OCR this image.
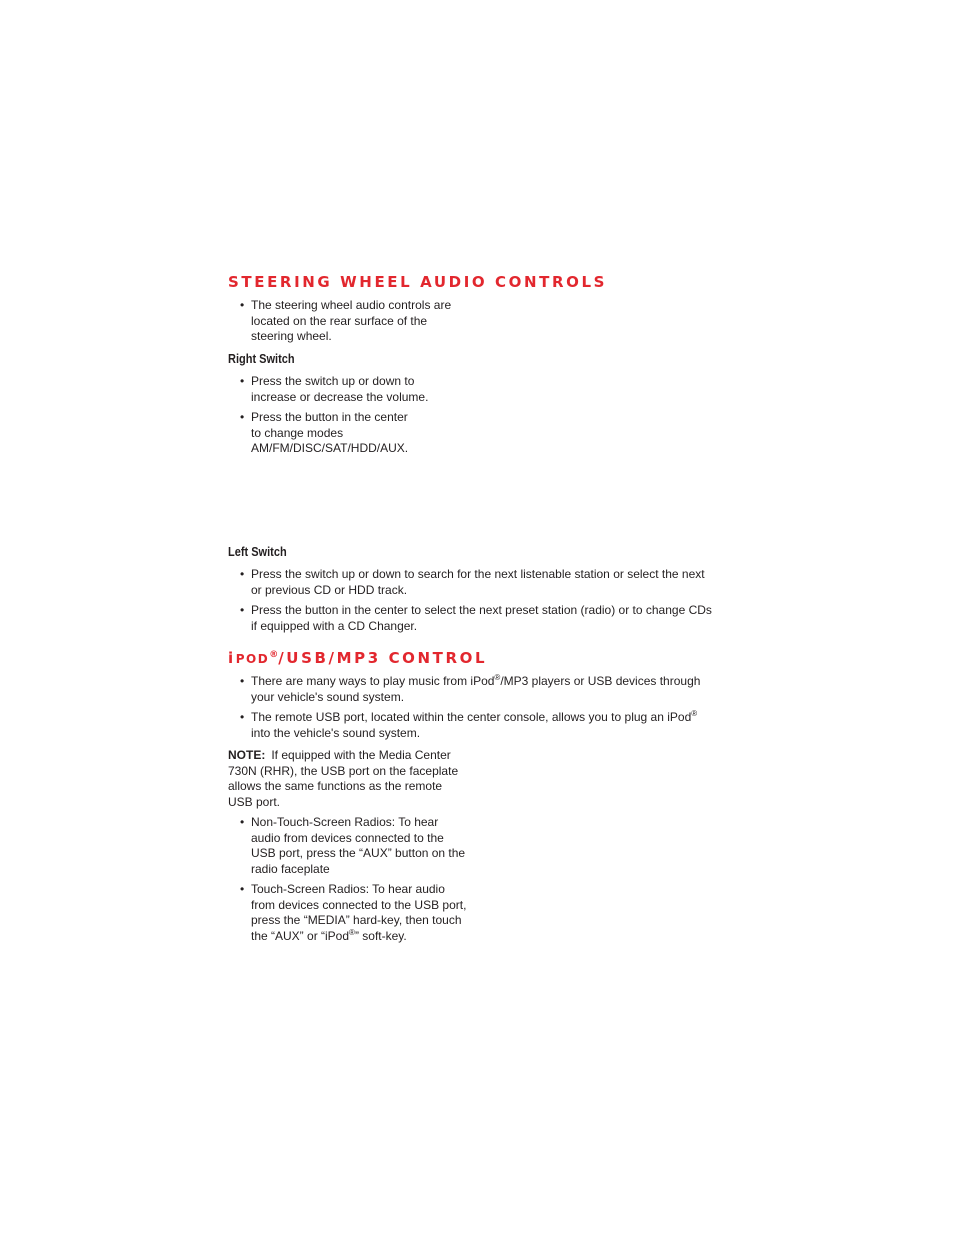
STEERING WHEEL AUDIO CONTROLS
• The steering wheel audio controls are located on the rear surface of the steering wheel.
Right Switch
• Press the switch up or down to increase or decrease the volume.
• Press the button in the center to change modes AM/FM/DISC/SAT/HDD/AUX.
Left Switch
• Press the switch up or down to search for the next listenable station or select the next or previous CD or HDD track.
• Press the button in the center to select the next preset station (radio) or to change CDs if equipped with a CD Changer.
iPOD®/USB/MP3 CONTROL
• There are many ways to play music from iPod®/MP3 players or USB devices through your vehicle's sound system.
• The remote USB port, located within the center console, allows you to plug an iPod® into the vehicle's sound system.

NOTE: If equipped with the Media Center 730N (RHR), the USB port on the faceplate allows the same functions as the remote USB port.

• Non-Touch-Screen Radios: To hear audio from devices connected to the USB port, press the “AUX” button on the radio faceplate
• Touch-Screen Radios: To hear audio from devices connected to the USB port, press the “MEDIA” hard-key, then touch the “AUX” or “iPod®” soft-key.
